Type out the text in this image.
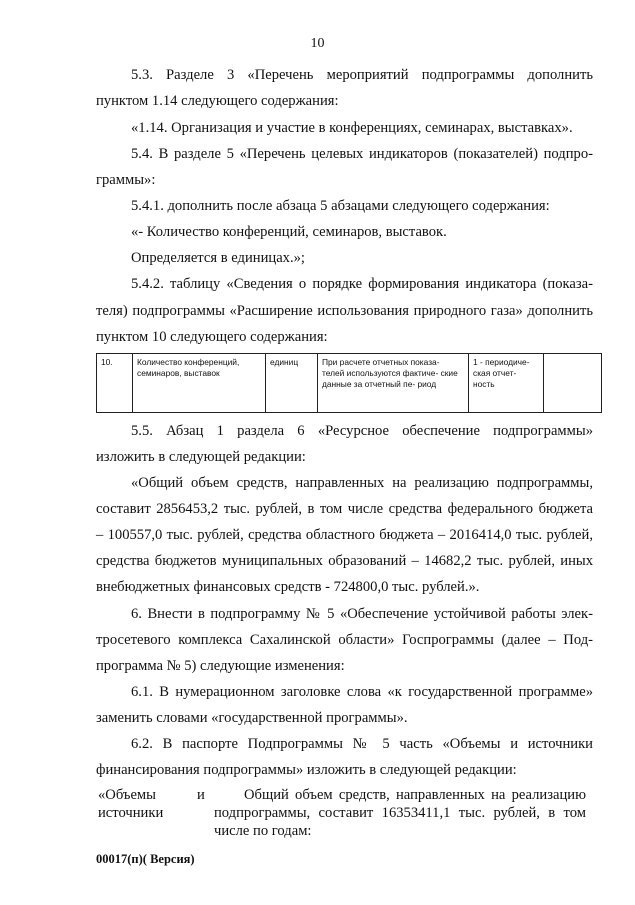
10
5.3. Разделе 3 «Перечень мероприятий подпрограммы дополнить
пунктом 1.14 следующего содержания:
«1.14. Организация и участие в конференциях, семинарах, выставках».
5.4. В разделе 5 «Перечень целевых индикаторов (показателей) подпро-
граммы»:
5.4.1. дополнить после абзаца 5 абзацами следующего содержания:
«- Количество конференций, семинаров, выставок.
Определяется в единицах.»;
5.4.2. таблицу «Сведения о порядке формирования индикатора (показа-
теля) подпрограммы «Расширение использования природного газа» дополнить
пунктом 10 следующего содержания:
10.	Количество конференций, семинаров, выставок	единиц	При расчете отчетных показа- телей используются фактиче- ские данные за отчетный пе- риод	1 - периодиче- ская отчет- ность	
5.5. Абзац 1 раздела 6 «Ресурсное обеспечение подпрограммы»
изложить в следующей редакции:
«Общий объем средств, направленных на реализацию подпрограммы,
составит 2856453,2 тыс. рублей, в том числе средства федерального бюджета
– 100557,0 тыс. рублей, средства областного бюджета – 2016414,0 тыс. рублей,
средства бюджетов муниципальных образований – 14682,2 тыс. рублей, иных
внебюджетных финансовых средств - 724800,0 тыс. рублей.».
6. Внести в подпрограмму № 5 «Обеспечение устойчивой работы элек-
тросетевого комплекса Сахалинской области» Госпрограммы (далее – Под-
программа № 5) следующие изменения:
6.1. В нумерационном заголовке слова «к государственной программе»
заменить словами «государственной программы».
6.2. В паспорте Подпрограммы № 5 часть «Объемы и источники
финансирования подпрограммы» изложить в следующей редакции:
«Объемы
источники
и	Общий объем средств, направленных на реализацию
подпрограммы, составит 16353411,1 тыс. рублей, в том
числе по годам:
00017(п)( Версия)
